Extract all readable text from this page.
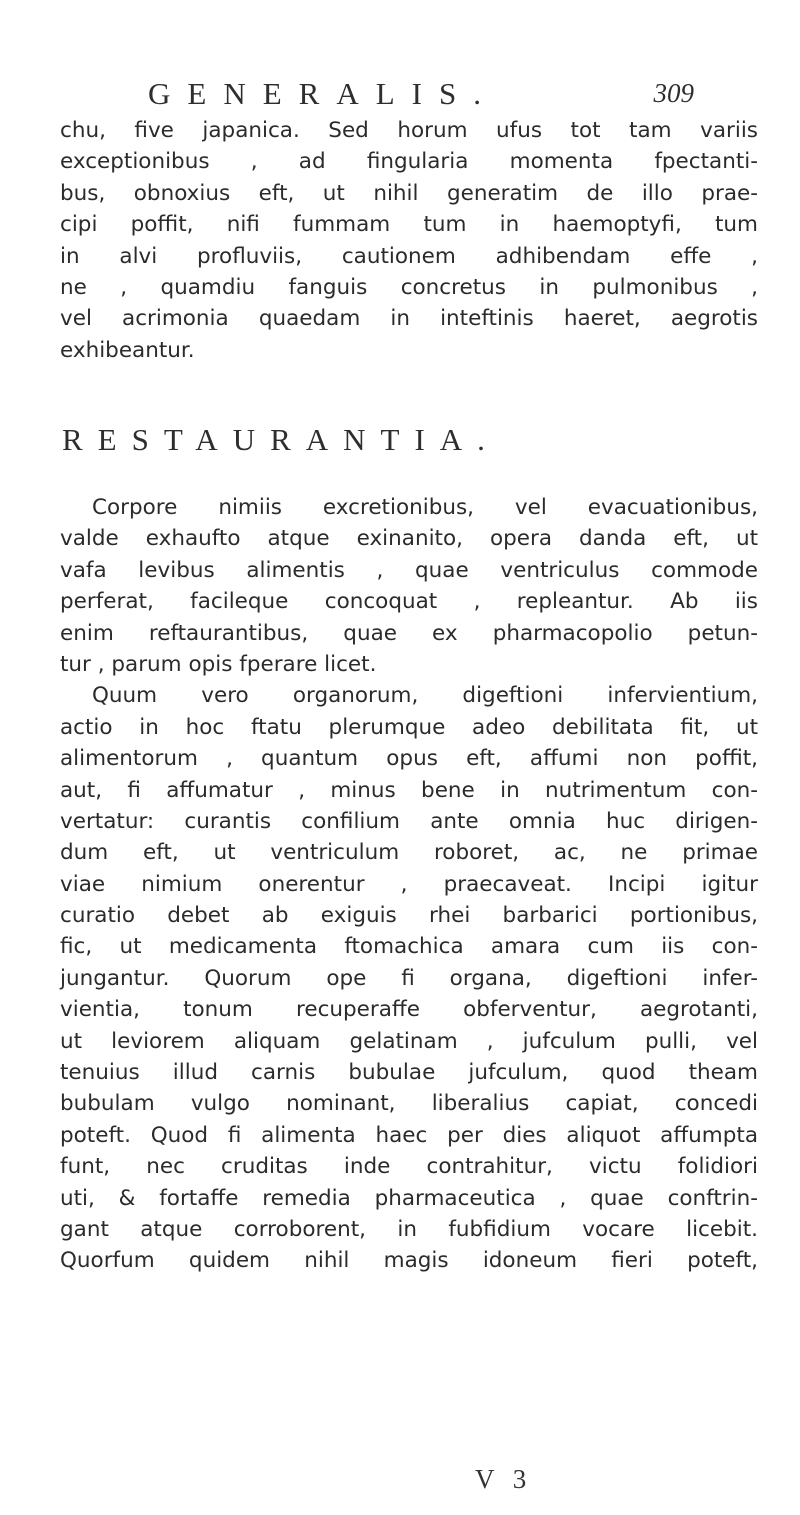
GENERALIS.	309
chu, five japanica. Sed horum ufus tot tam variis
exceptionibus , ad fingularia momenta fpectanti-
bus, obnoxius eft, ut nihil generatim de illo prae-
cipi poffit, nifi fummam tum in haemoptyfi, tum
in alvi profluviis, cautionem adhibendam effe ,
ne , quamdiu fanguis concretus in pulmonibus ,
vel acrimonia quaedam in inteftinis haeret, aegrotis
exhibeantur.
RESTAURANTIA.
Corpore nimiis excretionibus, vel evacuationibus,
valde exhaufto atque exinanito, opera danda eft, ut
vafa levibus alimentis , quae ventriculus commode
perferat, facileque concoquat , repleantur. Ab iis
enim reftaurantibus, quae ex pharmacopolio petun-
tur , parum opis fperare licet.
Quum vero organorum, digeftioni infervientium,
actio in hoc ftatu plerumque adeo debilitata fit, ut
alimentorum , quantum opus eft, affumi non poffit,
aut, fi affumatur , minus bene in nutrimentum con-
vertatur: curantis confilium ante omnia huc dirigen-
dum eft, ut ventriculum roboret, ac, ne primae
viae nimium onerentur , praecaveat. Incipi igitur
curatio debet ab exiguis rhei barbarici portionibus,
fic, ut medicamenta ftomachica amara cum iis con-
jungantur. Quorum ope fi organa, digeftioni infer-
vientia, tonum recuperaffe obferventur, aegrotanti,
ut leviorem aliquam gelatinam , jufculum pulli, vel
tenuius illud carnis bubulae jufculum, quod theam
bubulam vulgo nominant, liberalius capiat, concedi
poteft. Quod fi alimenta haec per dies aliquot affumpta
funt, nec cruditas inde contrahitur, victu folidiori
uti, & fortaffe remedia pharmaceutica , quae conftrin-
gant atque corroborent, in fubfidium vocare licebit.
Quorfum quidem nihil magis idoneum fieri poteft,
V 3
